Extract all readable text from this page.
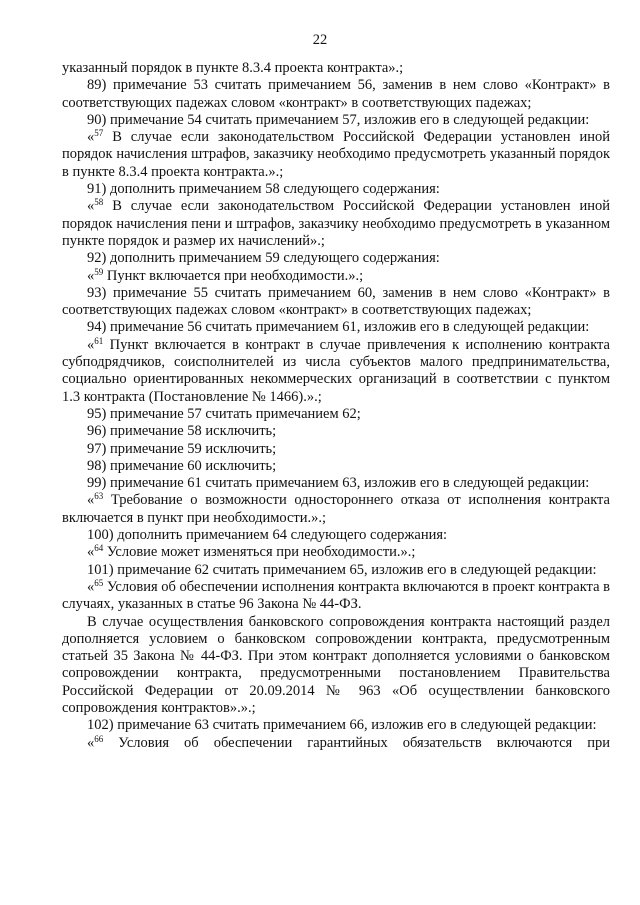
22

указанный порядок в пункте 8.3.4 проекта контракта».;

89) примечание 53 считать примечанием 56, заменив в нем слово «Контракт» в соответствующих падежах словом «контракт» в соответствующих падежах;

90) примечание 54 считать примечанием 57, изложив его в следующей редакции:

«$^{57}$ В случае если законодательством Российской Федерации установлен иной порядок начисления штрафов, заказчику необходимо предусмотреть указанный порядок в пункте 8.3.4 проекта контракта.».;

91) дополнить примечанием 58 следующего содержания:

«$^{58}$ В случае если законодательством Российской Федерации установлен иной порядок начисления пени и штрафов, заказчику необходимо предусмотреть в указанном пункте порядок и размер их начислений».;

92) дополнить примечанием 59 следующего содержания:

«$^{59}$ Пункт включается при необходимости.».;

93) примечание 55 считать примечанием 60, заменив в нем слово «Контракт» в соответствующих падежах словом «контракт» в соответствующих падежах;

94) примечание 56 считать примечанием 61, изложив его в следующей редакции:

«$^{61}$ Пункт включается в контракт в случае привлечения к исполнению контракта субподрядчиков, соисполнителей из числа субъектов малого предпринимательства, социально ориентированных некоммерческих организаций в соответствии с пунктом 1.3 контракта (Постановление № 1466).».;

95) примечание 57 считать примечанием 62;

96) примечание 58 исключить;

97) примечание 59 исключить;

98) примечание 60 исключить;

99) примечание 61 считать примечанием 63, изложив его в следующей редакции:

«$^{63}$ Требование о возможности одностороннего отказа от исполнения контракта включается в пункт при необходимости.».;

100) дополнить примечанием 64 следующего содержания:

«$^{64}$ Условие может изменяться при необходимости.».;

101) примечание 62 считать примечанием 65, изложив его в следующей редакции:

«$^{65}$ Условия об обеспечении исполнения контракта включаются в проект контракта в случаях, указанных в статье 96 Закона № 44-ФЗ.

В случае осуществления банковского сопровождения контракта настоящий раздел дополняется условием о банковском сопровождении контракта, предусмотренным статьей 35 Закона № 44-ФЗ. При этом контракт дополняется условиями о банковском сопровождении контракта, предусмотренными постановлением Правительства Российской Федерации от 20.09.2014 № 963 «Об осуществлении банковского сопровождения контрактов».».;

102) примечание 63 считать примечанием 66, изложив его в следующей редакции:

«$^{66}$ Условия об обеспечении гарантийных обязательств включаются при
